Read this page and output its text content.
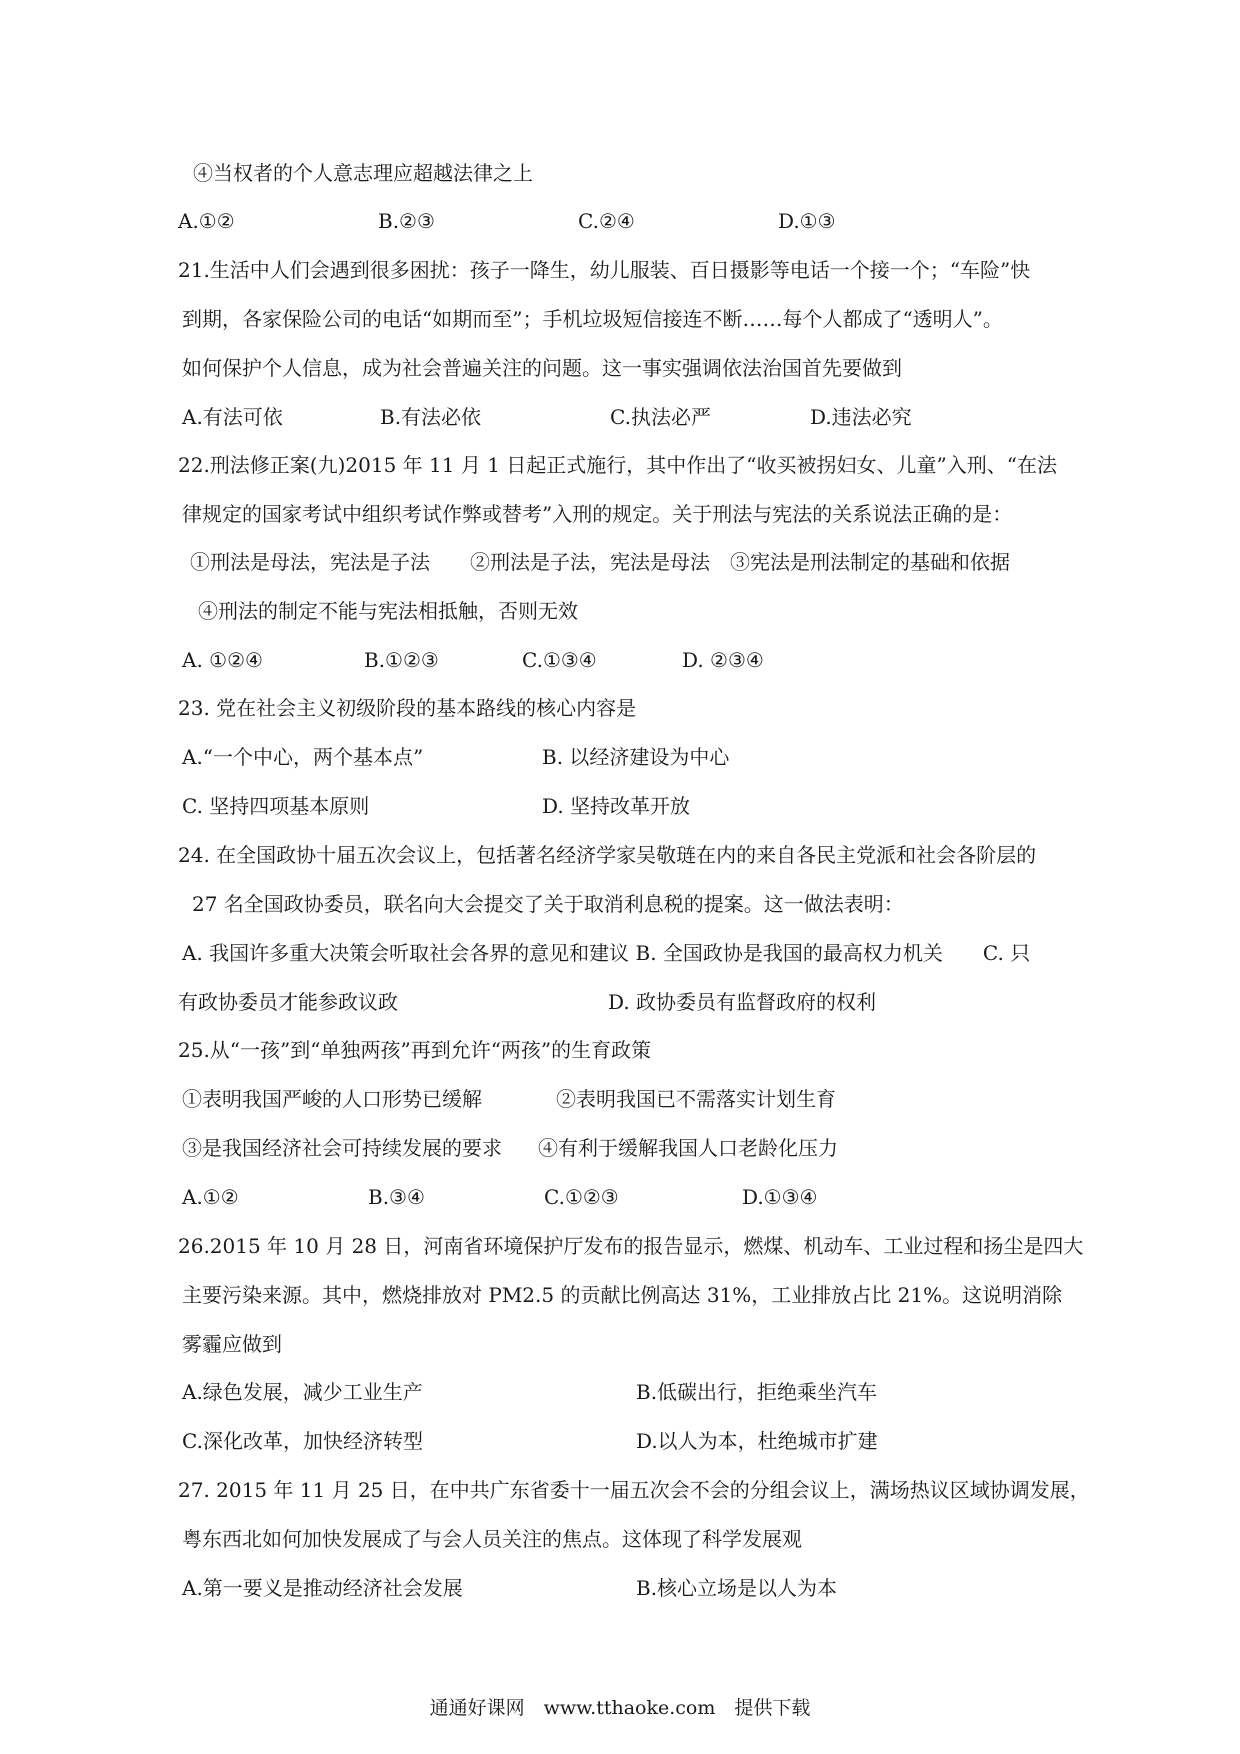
④当权者的个人意志理应超越法律之上
A.①②	B.②③	C.②④	D.①③
21.生活中人们会遇到很多困扰：孩子一降生，幼儿服装、百日摄影等电话一个接一个；“车险”快
到期，各家保险公司的电话“如期而至”；手机垃圾短信接连不断……每个人都成了“透明人”。
如何保护个人信息，成为社会普遍关注的问题。这一事实强调依法治国首先要做到
A.有法可依	B.有法必依	C.执法必严	D.违法必究
22.刑法修正案(九)2015 年 11 月 1 日起正式施行，其中作出了“收买被拐妇女、儿童”入刑、“在法
律规定的国家考试中组织考试作弊或替考”入刑的规定。关于刑法与宪法的关系说法正确的是：
①刑法是母法，宪法是子法　　②刑法是子法，宪法是母法　③宪法是刑法制定的基础和依据
④刑法的制定不能与宪法相抵触，否则无效
A. ①②④	B.①②③	C.①③④	D. ②③④
23. 党在社会主义初级阶段的基本路线的核心内容是
A.“一个中心，两个基本点”	B. 以经济建设为中心
C. 坚持四项基本原则	D. 坚持改革开放
24. 在全国政协十届五次会议上，包括著名经济学家吴敬琏在内的来自各民主党派和社会各阶层的
27 名全国政协委员，联名向大会提交了关于取消利息税的提案。这一做法表明：
A. 我国许多重大决策会听取社会各界的意见和建议 B. 全国政协是我国的最高权力机关　　C. 只
有政协委员才能参政议政	D. 政协委员有监督政府的权利
25.从“一孩”到“单独两孩”再到允许“两孩”的生育政策
①表明我国严峻的人口形势已缓解	②表明我国已不需落实计划生育
③是我国经济社会可持续发展的要求 ④有利于缓解我国人口老龄化压力
A.①②	B.③④	C.①②③	D.①③④
26.2015 年 10 月 28 日，河南省环境保护厅发布的报告显示，燃煤、机动车、工业过程和扬尘是四大
主要污染来源。其中，燃烧排放对 PM2.5 的贡献比例高达 31%，工业排放占比 21%。这说明消除
雾霾应做到
A.绿色发展，减少工业生产	B.低碳出行，拒绝乘坐汽车
C.深化改革，加快经济转型	D.以人为本，杜绝城市扩建
27. 2015 年 11 月 25 日，在中共广东省委十一届五次会不会的分组会议上，满场热议区域协调发展，
粤东西北如何加快发展成了与会人员关注的焦点。这体现了科学发展观
A.第一要义是推动经济社会发展	B.核心立场是以人为本
通通好课网　www.tthaoke.com　提供下载
